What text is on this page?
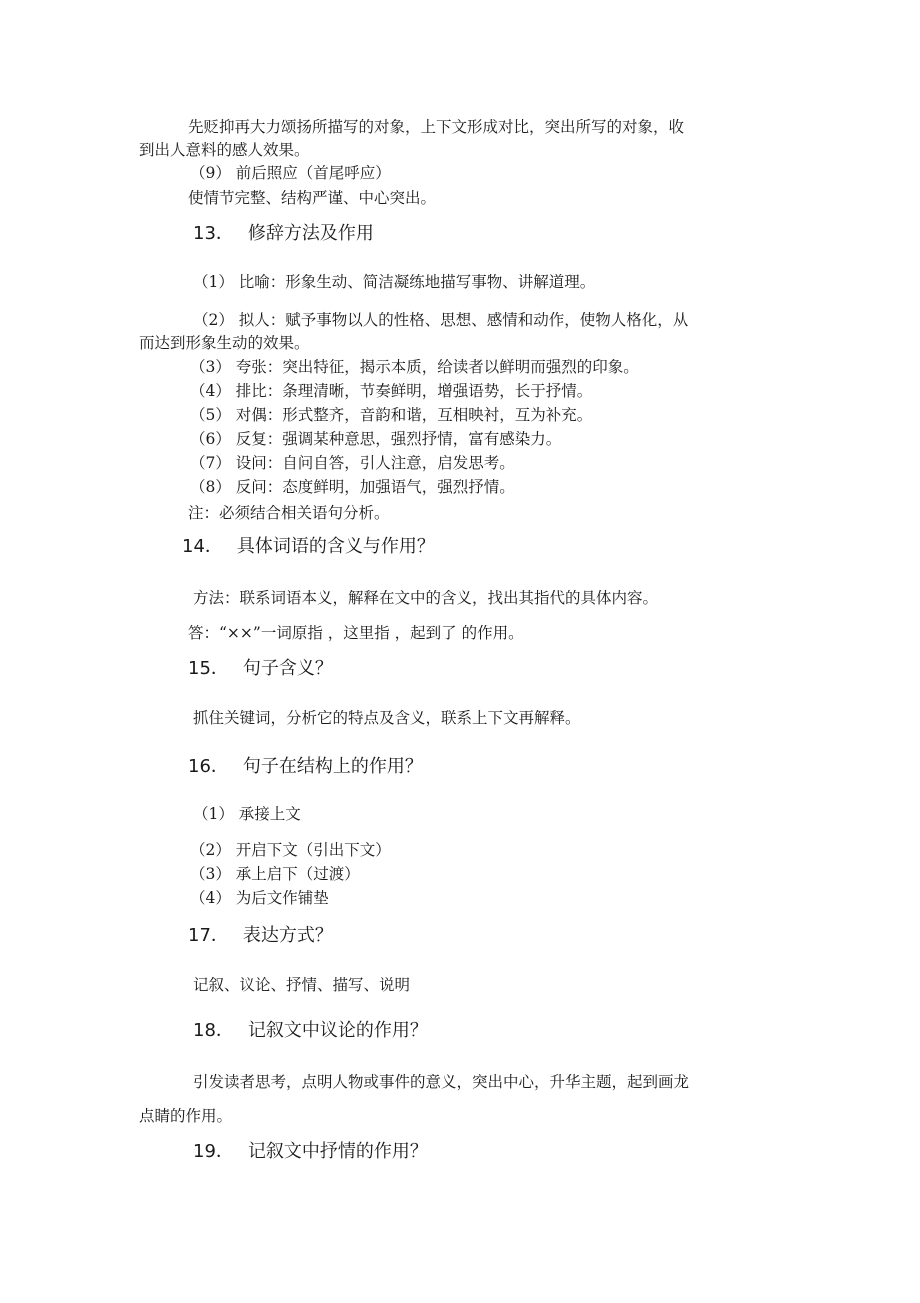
先贬抑再大力颂扬所描写的对象，上下文形成对比，突出所写的对象，收
到出人意料的感人效果。
（9） 前后照应（首尾呼应）
使情节完整、结构严谨、中心突出。
13． 修辞方法及作用
（1） 比喻：形象生动、简洁凝练地描写事物、讲解道理。
（2） 拟人：赋予事物以人的性格、思想、感情和动作，使物人格化，从
而达到形象生动的效果。
（3） 夸张：突出特征，揭示本质，给读者以鲜明而强烈的印象。
（4） 排比：条理清晰，节奏鲜明，增强语势，长于抒情。
（5） 对偶：形式整齐，音韵和谐，互相映衬，互为补充。
（6） 反复：强调某种意思，强烈抒情，富有感染力。
（7） 设问：自问自答，引人注意，启发思考。
（8） 反问：态度鲜明，加强语气，强烈抒情。
注：必须结合相关语句分析。
14． 具体词语的含义与作用？
方法：联系词语本义，解释在文中的含义，找出其指代的具体内容。
答：“××”一词原指 ，这里指 ，起到了 的作用。
15． 句子含义？
抓住关键词，分析它的特点及含义，联系上下文再解释。
16． 句子在结构上的作用？
（1） 承接上文
（2） 开启下文（引出下文）
（3） 承上启下（过渡）
（4） 为后文作铺垫
17． 表达方式？
记叙、议论、抒情、描写、说明
18． 记叙文中议论的作用？
引发读者思考，点明人物或事件的意义，突出中心，升华主题，起到画龙
点睛的作用。
19． 记叙文中抒情的作用？
